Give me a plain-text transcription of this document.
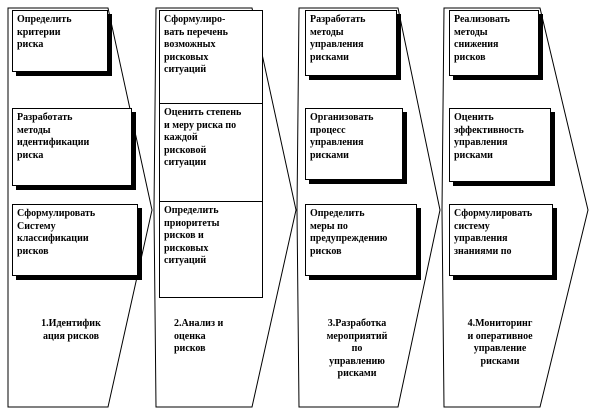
Определить
критерии
риска
Разработать
методы
идентификации
риска
Сформулировать
Систему
классификации
рисков
1.Идентифик
ация рисков
Сформулиро-
вать перечень
возможных
рисковых
ситуаций
Оценить степень
и меру риска по
каждой
рисковой
ситуации
Определить
приоритеты
рисков и
рисковых
ситуаций
2.Анализ и
оценка
рисков
Разработать
методы
управления
рисками
Организовать
процесс
управления
рисками
Определить
меры по
предупреждению
рисков
3.Разработка
мероприятий
по
управлению
рисками
Реализовать
методы
снижения
рисков
Оценить
эффективность
управления
рисками
Сформулировать
систему
управления
знаниями по
4.Мониторинг
и оперативное
управление
рисками
